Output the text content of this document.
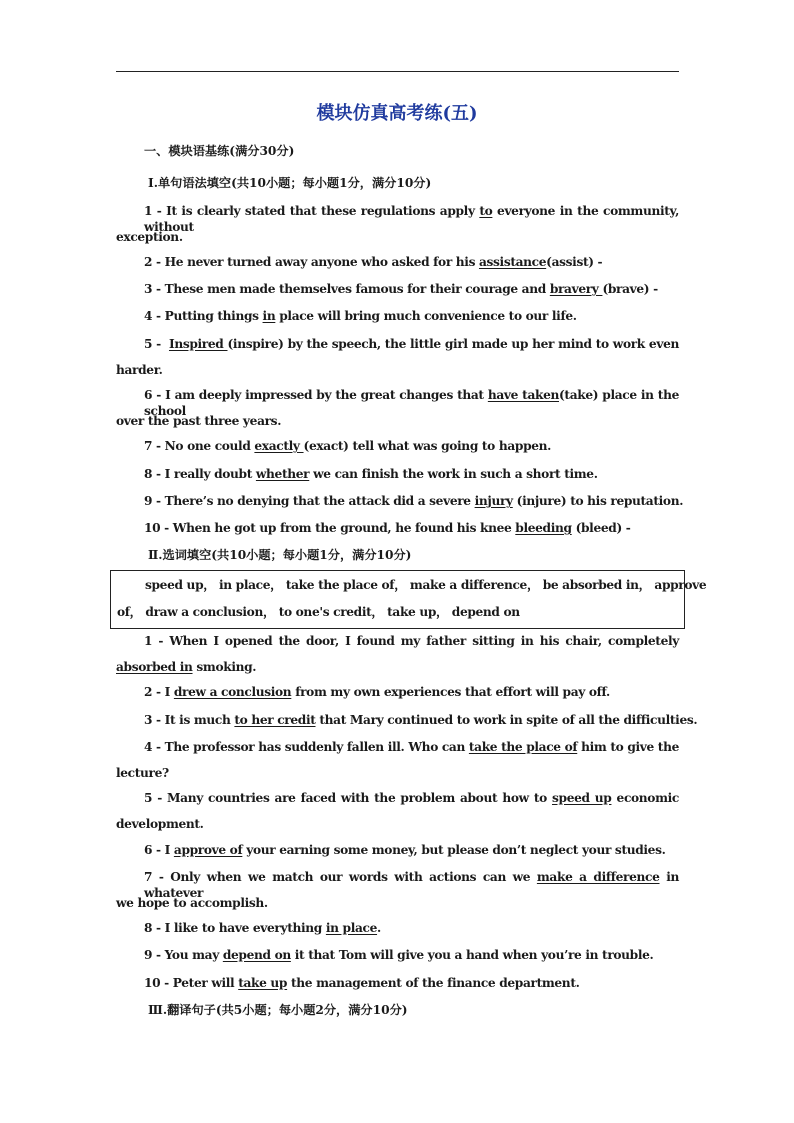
模块仿真高考练(五)
一、模块语基练(满分30分)
Ⅰ.单句语法填空(共10小题；每小题1分，满分10分)
1 - It is clearly stated that these regulations apply to everyone in the community, without
exception.
2 - He never turned away anyone who asked for his assistance(assist) -
3 - These men made themselves famous for their courage and bravery (brave) -
4 - Putting things in place will bring much convenience to our life.
5 - Inspired (inspire) by the speech, the little girl made up her mind to work even
harder.
6 - I am deeply impressed by the great changes that have taken(take) place in the school
over the past three years.
7 - No one could exactly (exact) tell what was going to happen.
8 - I really doubt whether we can finish the work in such a short time.
9 - There’s no denying that the attack did a severe injury (injure) to his reputation.
10 - When he got up from the ground, he found his knee bleeding (bleed) -
Ⅱ.选词填空(共10小题；每小题1分，满分10分)
speed up， in place， take the place of， make a difference， be absorbed in， approve
of， draw a conclusion， to one's credit， take up， depend on
1 - When I opened the door, I found my father sitting in his chair, completely
absorbed in smoking.
2 - I drew a conclusion from my own experiences that effort will pay off.
3 - It is much to her credit that Mary continued to work in spite of all the difficulties.
4 - The professor has suddenly fallen ill. Who can take the place of him to give the
lecture?
5 - Many countries are faced with the problem about how to speed up economic
development.
6 - I approve of your earning some money, but please don’t neglect your studies.
7 - Only when we match our words with actions can we make a difference in whatever
we hope to accomplish.
8 - I like to have everything in place.
9 - You may depend on it that Tom will give you a hand when you’re in trouble.
10 - Peter will take up the management of the finance department.
Ⅲ.翻译句子(共5小题；每小题2分，满分10分)
